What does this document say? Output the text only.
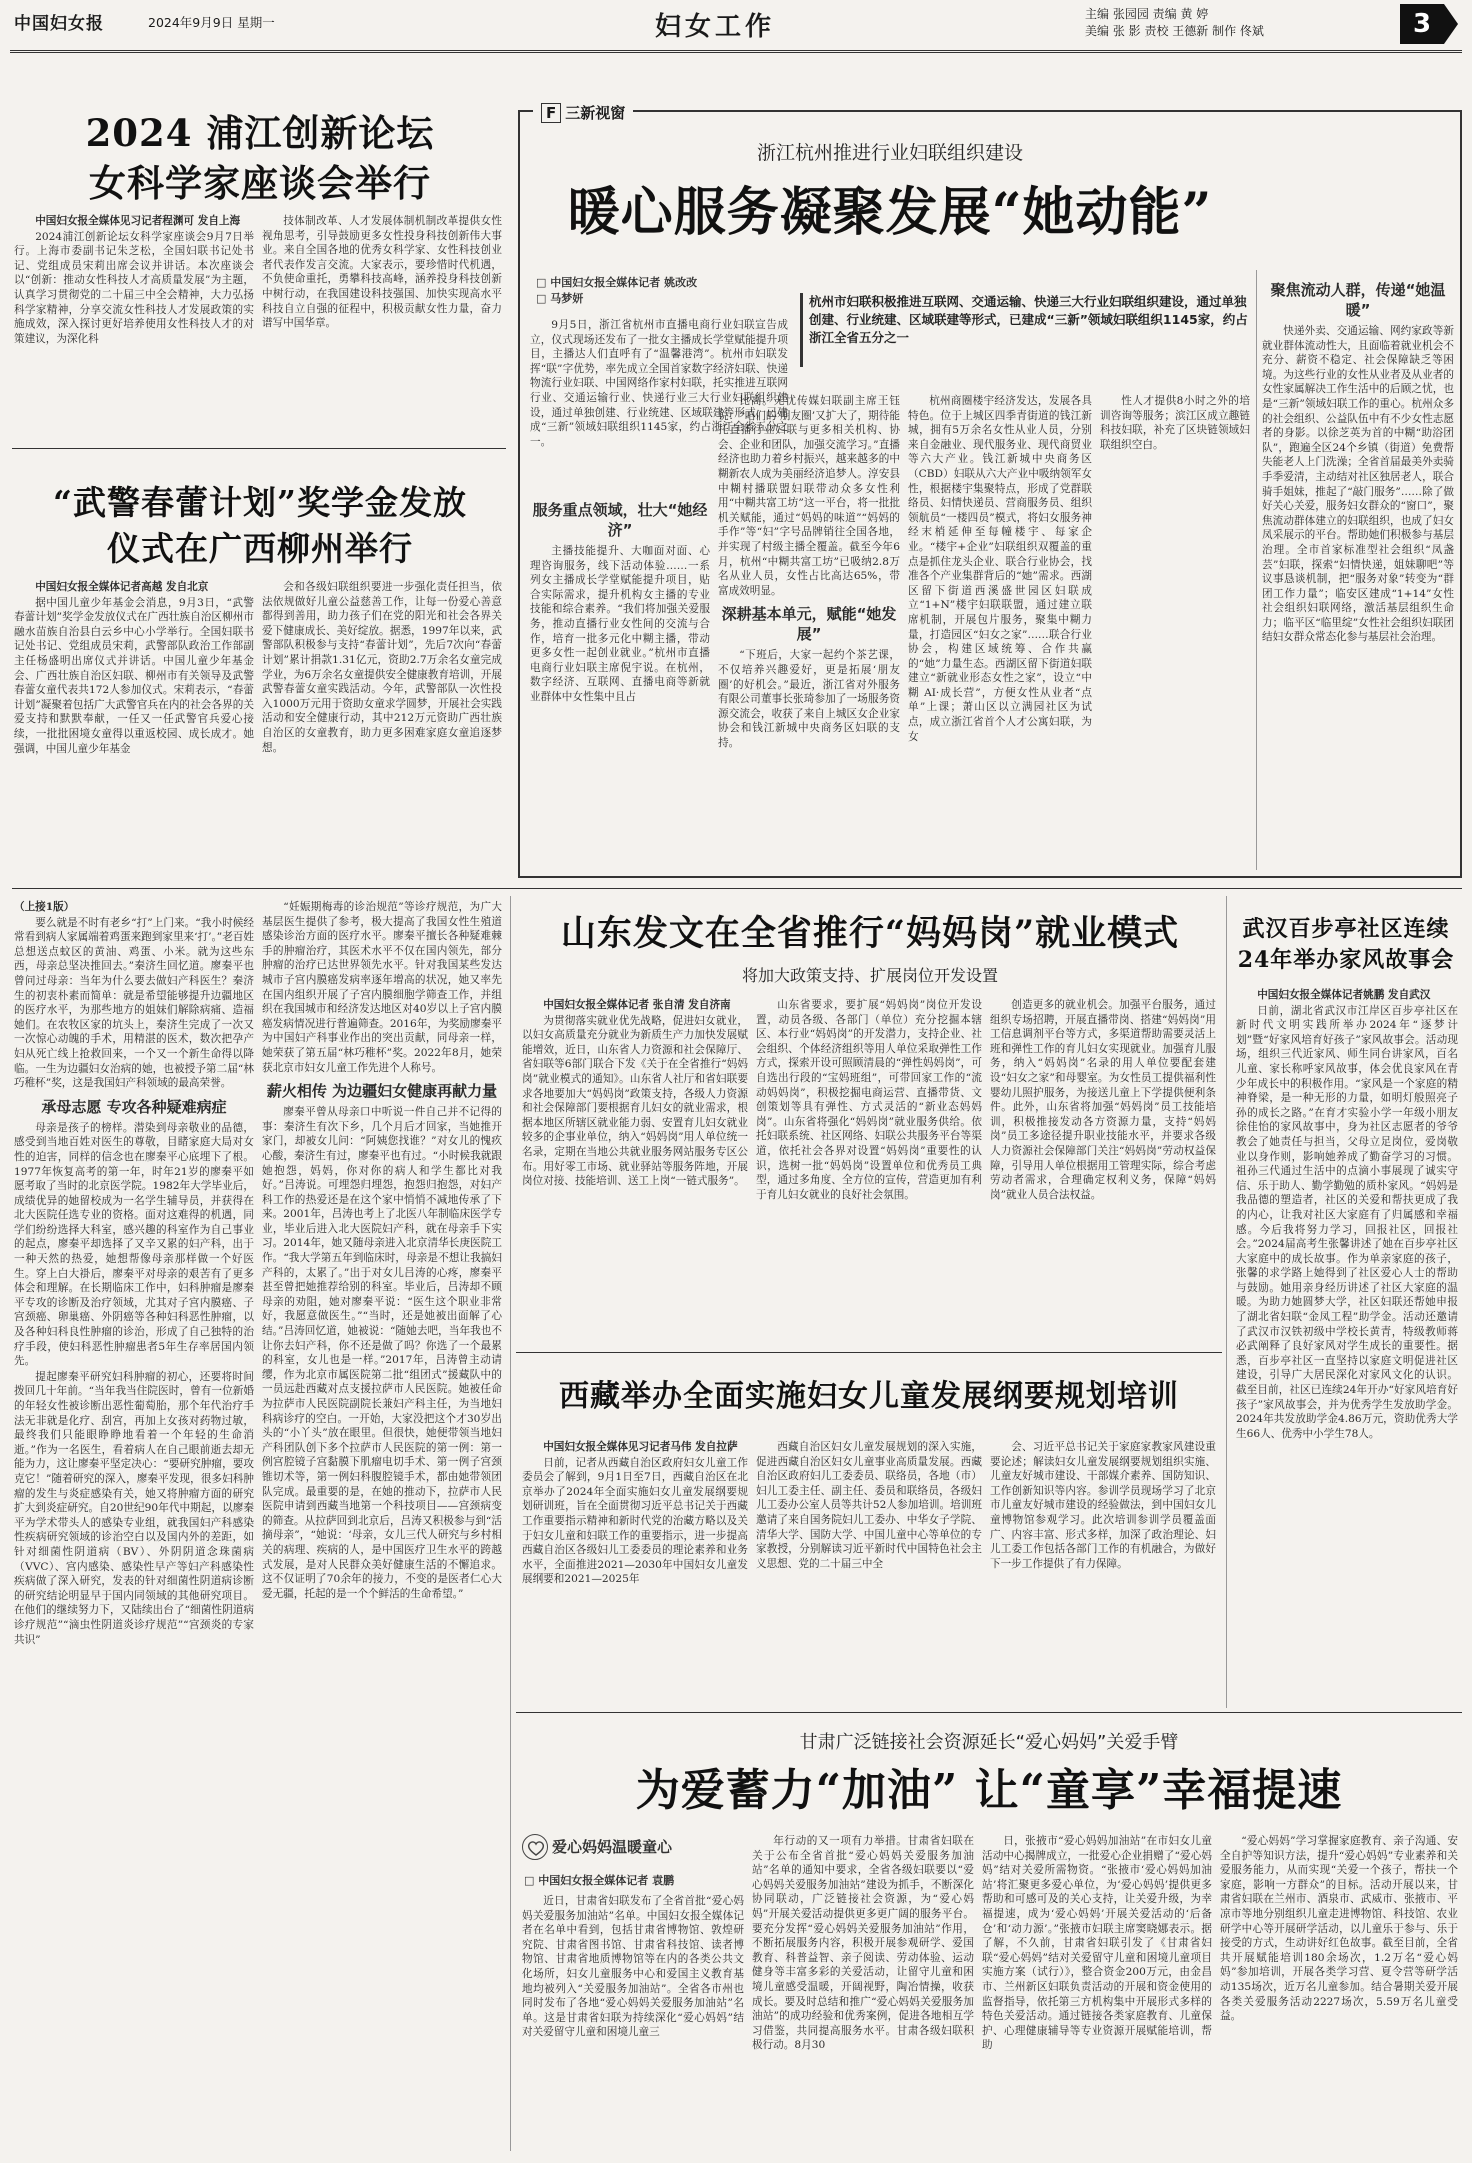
中国妇女报	2024年9月9日 星期一	妇女工作	主编 张园园 责编 黄 婷
美编 张 影 责校 王德新 制作 佟斌	3
2024 浦江创新论坛
女科学家座谈会举行

中国妇女报全媒体见习记者程渊可 发自上海

2024浦江创新论坛女科学家座谈会9月7日举行。上海市委副书记朱芝松，全国妇联书记处书记、党组成员宋莉出席会议并讲话。本次座谈会以“创新：推动女性科技人才高质量发展”为主题，认真学习贯彻党的二十届三中全会精神，大力弘扬科学家精神，分享交流女性科技人才发展政策的实施成效，深入探讨更好培养使用女性科技人才的对策建议，为深化科

技体制改革、人才发展体制机制改革提供女性视角思考，引导鼓励更多女性投身科技创新伟大事业。来自全国各地的优秀女科学家、女性科技创业者代表作发言交流。大家表示，要珍惜时代机遇，不负使命重托，勇攀科技高峰，涵养投身科技创新中树行动，在我国建设科技强国、加快实现高水平科技自立自强的征程中，积极贡献女性力量，奋力谱写中国华章。

“武警春蕾计划”奖学金发放
仪式在广西柳州举行

中国妇女报全媒体记者高越 发自北京

据中国儿童少年基金会消息，9月3日，“武警春蕾计划”奖学金发放仪式在广西壮族自治区柳州市融水苗族自治县白云乡中心小学举行。全国妇联书记处书记、党组成员宋莉，武警部队政治工作部副主任杨盛明出席仪式并讲话。中国儿童少年基金会、广西壮族自治区妇联、柳州市有关领导及武警春蕾女童代表共172人参加仪式。宋莉表示，“春蕾计划”凝聚着包括广大武警官兵在内的社会各界的关爱支持和默默奉献，一任又一任武警官兵爱心接续，一批批困境女童得以重返校园、成长成才。她强调，中国儿童少年基金

会和各级妇联组织要进一步强化责任担当，依法依规做好儿童公益慈善工作，让每一份爱心善意都得到善用，助力孩子们在党的阳光和社会各界关爱下健康成长、美好绽放。据悉，1997年以来，武警部队积极参与支持“春蕾计划”，先后7次向“春蕾计划”累计捐款1.31亿元，资助2.7万余名女童完成学业，为6万余名女童提供安全健康教育培训，开展武警春蕾女童实践活动。今年，武警部队一次性投入1000万元用于资助女童求学圆梦，开展社会实践活动和安全健康行动，其中212万元资助广西壮族自治区的女童教育，助力更多困难家庭女童追逐梦想。

F 三新视窗
浙江杭州推进行业妇联组织建设
暖心服务凝聚发展“她动能”
□ 中国妇女报全媒体记者 姚改改
□ 马梦妍	杭州市妇联积极推进互联网、交通运输、快递三大行业妇联组织建设，通过单独创建、行业统建、区域联建等形式，已建成“三新”领域妇联组织1145家，约占浙江全省五分之一

9月5日，浙江省杭州市直播电商行业妇联宣告成立，仪式现场还发布了一批女主播成长学堂赋能提升项目，主播达人们直呼有了“温馨港湾”。杭州市妇联发挥“联”字优势，率先成立全国首家数字经济妇联、快递物流行业妇联、中国网络作家村妇联，托实推进互联网行业、交通运输行业、快递行业三大行业妇联组织建设，通过单独创建、行业统建、区域联建等形式，已建成“三新”领域妇联组织1145家，约占浙江全省五分之一。

服务重点领域，壮大“她经济”

主播技能提升、大咖面对面、心理咨询服务，线下活动体验……一系列女主播成长学堂赋能提升项目，贴合实际需求，提升机构女主播的专业技能和综合素养。“我们将加强关爱服务，推动直播行业女性间的交流与合作，培育一批多元化中糊主播，带动更多女性一起创业就业。”杭州市直播电商行业妇联主席倪宇说。在杭州，数字经济、互联网、直播电商等新就业群体中女性集中且占

比高。无忧传媒妇联副主席王钰说：“咱们的‘朋友圈’又扩大了，期待能托直播行业妇联与更多相关机构、协会、企业和团队，加强交流学习。”直播经济也助力着乡村振兴，越来越多的中糊新农人成为美丽经济追梦人。淳安县中糊村播联盟妇联带动众多女性利用“中糊共富工坊”这一平台，将一批批机关赋能，通过“妈妈的味道”“妈妈的手作”等“妇”字号品牌销往全国各地，并实现了村级主播全覆盖。截至今年6月，杭州“中糊共富工坊”已吸纳2.8万名从业人员，女性占比高达65%，带富成效明显。

深耕基本单元，赋能“她发展”

“下班后，大家一起约个茶艺课，不仅培养兴趣爱好，更是拓展‘朋友圈’的好机会。”最近，浙江省对外服务有限公司董事长张琦参加了一场服务资源交流会，收获了来自上城区女企业家协会和钱江新城中央商务区妇联的支持。

杭州商圈楼宇经济发达，发展各具特色。位于上城区四季青街道的钱江新城，拥有5万余名女性从业人员，分别来自金融业、现代服务业、现代商贸业等六大产业。钱江新城中央商务区（CBD）妇联从六大产业中吸纳领军女性，根据楼宇集聚特点，形成了党群联络员、妇情快递员、营商服务员、组织领航员“一楼四员”模式，将妇女服务神经末梢延伸至每幢楼宇、每家企业。“楼宇+企业”妇联组织双覆盖的重点是抓住龙头企业、联合行业协会，找准各个产业集群背后的“她”需求。西湖区留下街道西溪盛世园区妇联成立“1+N”楼宇妇联联盟，通过建立联席机制，开展包片服务，聚集中糊力量，打造园区“妇女之家”……联合行业协会，构建区域统筹、合作共赢的“她”力量生态。西湖区留下街道妇联建立“新就业形态女性之家”，设立“中糊 AI·成长营”，方便女性从业者“点单”上课；萧山区以立满园社区为试点，成立浙江省首个人才公寓妇联，为女

性人才提供8小时之外的培训咨询等服务；滨江区成立趣链科技妇联，补充了区块链领域妇联组织空白。

聚焦流动人群，传递“她温暖”

快递外卖、交通运输、网约家政等新就业群体流动性大，且面临着就业机会不充分、薪资不稳定、社会保障缺乏等困境。为这些行业的女性从业者及从业者的女性家属解决工作生活中的后顾之忧，也是“三新”领域妇联工作的重心。杭州众多的社会组织、公益队伍中有不少女性志愿者的身影。以徐芝英为首的中糊“助浴团队”，跑遍全区24个乡镇（街道）免费帮失能老人上门洗澡；全省首届最美外卖骑手季爱清，主动结对社区独居老人，联合骑手姐妹，推起了“敲门服务”……除了做好关心关爱，服务妇女群众的“窗口”，聚焦流动群体建立的妇联组织，也成了妇女凤采展示的平台。帮助她们积极参与基层治理。全市首家标准型社会组织“凤盏芸”妇联，探索“妇情快递，姐妹聊吧”等议事恳谈机制，把“服务对象”转变为“群团工作力量”；临安区建成“1+14”女性社会组织妇联网络，激活基层组织生命力；临平区“临里绽”女性社会组织妇联团结妇女群众常态化参与基层社会治理。

（上接1版）

要么就是不时有老乡“打”上门来。“我小时候经常看到病人家属端着鸡蛋来跑到家里来‘打’。”老百姓总想送点蚊区的黄油、鸡蛋、小米。就为这些东西，母亲总坚决推回去。”秦济生回忆道。廖秦平也曾问过母亲：当年为什么要去做妇产科医生？秦济生的初衷朴素而简单：就是希望能够提升边疆地区的医疗水平，为那些地方的姐妹们解除病痛、造福她们。在农牧区家的坑头上，秦济生完成了一次又一次惊心动魄的手术，用精湛的医术，数次把孕产妇从死亡线上抢救回来，一个又一个新生命得以降临。一生为边疆妇女治病的她，也被授予第二届“林巧稚杯”奖，这是我国妇产科领域的最高荣誉。

承母志愿 专攻各种疑难病症

母亲是孩子的榜样。潜染到母亲敬业的品德，感受到当地百姓对医生的尊敬，目睹家庭大局对女性的迫害，同样的信念也在廖秦平心底埋下了根。1977年恢复高考的第一年，时年21岁的廖秦平如愿考取了当时的北京医学院。1982年大学毕业后，成绩优异的她留校成为一名学生辅导员，并获得在北大医院任选专业的资格。面对这难得的机遇，同学们纷纷选择大科室，感兴趣的科室作为自己事业的起点，廖秦平却选择了又辛又累的妇产科，出于一种天然的热爱，她想帮像母亲那样做一个好医生。穿上白大褂后，廖秦平对母亲的艰苦有了更多体会和理解。在长期临床工作中，妇科肿瘤是廖秦平专攻的诊断及治疗领域，尤其对子宫内膜癌、子宫颈癌、卵巢癌、外阴癌等各种妇科恶性肿瘤，以及各种妇科良性肿瘤的诊治，形成了自己独特的治疗手段，使妇科恶性肿瘤患者5年生存率居国内领先。

提起廖秦平研究妇科肿瘤的初心，还要将时间拨回几十年前。“当年我当住院医时，曾有一位新婚的年轻女性被诊断出恶性葡萄胎，那个年代治疗手法无非就是化疗、刮宫，再加上女孩对药物过敏，最终我们只能眼睁睁地看着一个年轻的生命消逝。”作为一名医生，看着病人在自己眼前逝去却无能为力，这让廖秦平坚定决心：“要研究肿瘤，要攻克它！”随着研究的深入，廖秦平发现，很多妇科肿瘤的发生与炎症感染有关，她又将肿瘤方面的研究扩大到炎症研究。自20世纪90年代中期起，以廖秦平为学术带头人的感染专业组，就我国妇产科感染性疾病研究领域的诊治空白以及国内外的差距，如针对细菌性阴道病（BV）、外阴阴道念珠菌病（VVC）、宫内感染、感染性早产等妇产科感染性疾病做了深入研究，发表的针对细菌性阴道病诊断的研究结论明显早于国内同领域的其他研究项目。在他们的继续努力下，又陆续出台了“细菌性阴道病诊疗规范”“滴虫性阴道炎诊疗规范”“宫颈炎的专家共识”

“妊娠期梅毒的诊治规范”等诊疗规范，为广大基层医生提供了参考，极大提高了我国女性生殖道感染诊治方面的医疗水平。廖秦平擅长各种疑难棘手的肿瘤治疗，其医术水平不仅在国内领先，部分肿瘤的治疗已达世界领先水平。针对我国某些发达城市子宫内膜癌发病率逐年增高的状况，她又率先在国内组织开展了子宫内膜细胞学筛查工作，并组织在我国城市和经济发达地区对40岁以上子宫内膜癌发病情况进行普遍筛查。2016年，为奖励廖秦平为中国妇产科事业作出的突出贡献，同母亲一样，她荣获了第五届“林巧稚杯”奖。2022年8月，她荣获北京市妇女儿童工作先进个人称号。

薪火相传 为边疆妇女健康再献力量

廖秦平曾从母亲口中听说一件自己并不记得的事：秦济生有次下乡，几个月后才回家，当她推开家门，却被女儿问：“阿姨您找谁？”对女儿的愧疚心酸，秦济生有过，廖秦平也有过。“小时候我就跟她抱怨，妈妈，你对你的病人和学生都比对我好。”吕涛说。可埋怨归埋怨，抱怨归抱怨，对妇产科工作的热爱还是在这个家中悄悄不减地传承了下来。2001年，吕涛也考上了北医八年制临床医学专业，毕业后进入北大医院妇产科，就在母亲手下实习。2014年，她又随母亲进入北京清华长庚医院工作。“我大学第五年到临床时，母亲是不想让我搞妇产科的，太累了。”出于对女儿吕涛的心疼，廖秦平甚至曾把她推荐给别的科室。毕业后，吕涛却不顾母亲的劝阻，她对廖秦平说：“医生这个职业非常好，我愿意做医生。”“当时，还是她被出面解了心结。”吕涛回忆道，她被说：“随她去吧，当年我也不让你去妇产科，你不还是做了吗？你选了一个最累的科室，女儿也是一样。”2017年，吕涛曾主动请缨，作为北京市属医院第二批“组团式”援藏队中的一员远赴西藏对点支援拉萨市人民医院。她被任命为拉萨市人民医院副院长兼妇产科主任，为当地妇科病诊疗的空白。一开始，大家没把这个才30岁出头的“小丫头”放在眼里。但很快，她便带领当地妇产科团队创下多个拉萨市人民医院的第一例：第一例宫腔镜子宫黏膜下肌瘤电切手术、第一例子宫颈锥切术等，第一例妇科腹腔镜手术，都由她带领团队完成。最重要的是，在她的推动下，拉萨市人民医院申请到西藏当地第一个科技项目——宫颈病变的筛查。从拉萨回到北京后，吕涛又积极参与到“活摘母亲”，“她说：‘母亲，女儿三代人研究与乡村相关的病理、疾病的人，是中国医疗卫生水平的跨越式发展，是对人民群众美好健康生活的不懈追求。这不仅证明了70余年的接力，不变的是医者仁心大爱无疆，托起的是一个个鲜活的生命希望。”

山东发文在全省推行“妈妈岗”就业模式
将加大政策支持、扩展岗位开发设置

中国妇女报全媒体记者 张自清 发自济南

为贯彻落实就业优先战略，促进妇女就业，以妇女高质量充分就业为新质生产力加快发展赋能增效，近日，山东省人力资源和社会保障厅、省妇联等6部门联合下发《关于在全省推行“妈妈岗”就业模式的通知》。山东省人社厅和省妇联要求各地要加大“妈妈岗”政策支持，各级人力资源和社会保障部门要根据育儿妇女的就业需求，根据本地区所辖区就业能力弱、安置育儿妇女就业较多的企事业单位，纳入“妈妈岗”用人单位统一名录，定期在当地公共就业服务网站服务专区公布。用好零工市场、就业驿站等服务阵地，开展岗位对接、技能培训、送工上岗“一链式服务”。

山东省要求，要扩展“妈妈岗”岗位开发设置，动员各级、各部门（单位）充分挖掘本辖区、本行业“妈妈岗”的开发潜力，支持企业、社会组织、个体经济组织等用人单位采取弹性工作方式，探索开设可照顾清晨的“弹性妈妈岗”，可自选出行段的“宝妈班组”，可带回家工作的“流动妈妈岗”，积极挖掘电商运营、直播带货、文创策划等具有弹性、方式灵活的“新业态妈妈岗”。山东省将强化“妈妈岗”就业服务供给。依托妇联系统、社区网络、妇联公共服务平台等渠道，依托社会各界对设置“妈妈岗”重要性的认识，选树一批“妈妈岗”设置单位和优秀员工典型，通过多角度、全方位的宣传，营造更加有利于育儿妇女就业的良好社会氛围。

创造更多的就业机会。加强平台服务，通过组织专场招聘，开展直播带岗、搭建“妈妈岗”用工信息调剂平台等方式，多渠道帮助需要灵活上班和弹性工作的育儿妇女实现就业。加强育儿服务，纳入“妈妈岗”名录的用人单位要配套建设“妇女之家”和母婴室。为女性员工提供福利性婴幼儿照护服务，为接送儿童上下学提供便利条件。此外，山东省将加强“妈妈岗”员工技能培训，积极推接发动各方资源力量，支持“妈妈岗”员工多途径提升职业技能水平，并要求各级人力资源社会保障部门关注“妈妈岗”劳动权益保障，引导用人单位根据用工管理实际，综合考虑劳动者需求，合理确定权利义务，保障“妈妈岗”就业人员合法权益。

武汉百步亭社区连续
24年举办家风故事会

中国妇女报全媒体记者姚鹏 发自武汉

日前，湖北省武汉市江岸区百步亭社区在新时代文明实践所举办2024年“逐梦计划”暨“好家风培育好孩子”家风故事会。活动现场，组织三代近家风、师生同台讲家风，百名儿童、家长称呼家风故事，体会优良家风在青少年成长中的积极作用。“家风是一个家庭的精神脊梁，是一种无形的力量，如明灯般照亮子孙的成长之路。”在育才实验小学一年级小朋友徐佳怡的家风故事中，身为社区志愿者的爷爷教会了她责任与担当，父母立足岗位，爱岗敬业以身作则，影响她养成了勤奋学习的习惯。祖孙三代通过生活中的点滴小事展现了诚实守信、乐于助人、勤学勤勉的质朴家风。“妈妈是我品德的塑造者，社区的关爱和帮扶更成了我的内心，让我对社区大家庭有了归属感和幸福感。今后我将努力学习，回报社区，回报社会。”2024届高考生张馨讲述了她在百步亭社区大家庭中的成长故事。作为单亲家庭的孩子，张馨的求学路上她得到了社区爱心人士的帮助与鼓励。她用亲身经历讲述了社区大家庭的温暖。为助力她圆梦大学，社区妇联还帮她申报了湖北省妇联“金凤工程”助学金。活动还邀请了武汉市汉铁初级中学校长黄青，特级教师蒋必武阐释了良好家风对学生成长的重要性。据悉，百步亭社区一直坚持以家庭文明促进社区建设，引导广大居民深化对家风文化的认识。截至目前，社区已连续24年开办“好家风培育好孩子”家风故事会，并为优秀学生发放助学金。2024年共发放助学金4.86万元，资助优秀大学生66人、优秀中小学生78人。

西藏举办全面实施妇女儿童发展纲要规划培训

中国妇女报全媒体见习记者马伟 发自拉萨

日前，记者从西藏自治区政府妇女儿童工作委员会了解到，9月1日至7日，西藏自治区在北京举办了2024年全面实施妇女儿童发展纲要规划研训班，旨在全面贯彻习近平总书记关于西藏工作重要指示精神和新时代党的治藏方略以及关于妇女儿童和妇联工作的重要指示，进一步提高西藏自治区各级妇儿工委委员的理论素养和业务水平，全面推进2021—2030年中国妇女儿童发展纲要和2021—2025年

西藏自治区妇女儿童发展规划的深入实施，促进西藏自治区妇女儿童事业高质量发展。西藏自治区政府妇儿工委委员、联络员，各地（市）妇儿工委主任、副主任、委员和联络员，各级妇儿工委办公室人员等共计52人参加培训。培训班邀请了来自国务院妇儿工委办、中华女子学院、清华大学、国防大学、中国儿童中心等单位的专家教授，分别解读习近平新时代中国特色社会主义思想、党的二十届三中全

会、习近平总书记关于家庭家教家风建设重要论述；解读妇女儿童发展纲要规划组织实施、儿童友好城市建设、干部媒介素养、国防知识、工作创新知识等内容。参训学员现场学习了北京市儿童友好城市建设的经验做法，到中国妇女儿童博物馆参观学习。此次培训参训学员覆盖面广、内容丰富、形式多样，加深了政治理论、妇儿工委工作包括各部门工作的有机融合，为做好下一步工作提供了有力保障。

甘肃广泛链接社会资源延长“爱心妈妈”关爱手臂
为爱蓄力“加油” 让“童享”幸福提速
爱心妈妈温暖童心
□ 中国妇女报全媒体记者 袁鹏

近日，甘肃省妇联发布了全省首批“爱心妈妈关爱服务加油站”名单。中国妇女报全媒体记者在名单中看到，包括甘肃省博物馆、敦煌研究院、甘肃省图书馆、甘肃省科技馆、读者博物馆、甘肃省地质博物馆等在内的各类公共文化场所，妇女儿童服务中心和爱国主义教育基地均被列入“关爱服务加油站”。全省各市州也同时发布了各地“爱心妈妈关爱服务加油站”名单。这是甘肃省妇联为持续深化“爱心妈妈”结对关爱留守儿童和困境儿童三

年行动的又一项有力举措。甘肃省妇联在关于公布全省首批“爱心妈妈关爱服务加油站”名单的通知中要求，全省各级妇联要以“爱心妈妈关爱服务加油站”建设为抓手，不断深化协同联动，广泛链接社会资源，为“爱心妈妈”开展关爱活动提供更多更广阔的服务平台。要充分发挥“爱心妈妈关爱服务加油站”作用，不断拓展服务内容，积极开展参观研学、爱国教育、科普益智、亲子阅读、劳动体验、运动健身等丰富多彩的关爱活动，让留守儿童和困境儿童感受温暖，开阔视野，陶冶情操，收获成长。要及时总结和推广“爱心妈妈关爱服务加油站”的成功经验和优秀案例，促进各地相互学习借鉴，共同提高服务水平。甘肃各级妇联积极行动。8月30

日，张掖市“爱心妈妈加油站”在市妇女儿童活动中心揭牌成立，一批爱心企业捐赠了“爱心妈妈”结对关爱所需物资。“张掖市‘爱心妈妈加油站’将汇聚更多爱心单位，为‘爱心妈妈’提供更多帮助和可感可及的关心支持，让关爱升级，为幸福提速，成为‘爱心妈妈’开展关爱活动的‘后备仓’和‘动力源’。”张掖市妇联主席窦晓娜表示。据了解，不久前，甘肃省妇联引发了《甘肃省妇联“爱心妈妈”结对关爱留守儿童和困境儿童项目实施方案（试行）》，整合资金200万元，由金昌市、兰州新区妇联负责活动的开展和资金使用的监督指导，依托第三方机构集中开展形式多样的特色关爱活动。通过链接各类家庭教育、儿童保护、心理健康辅导等专业资源开展赋能培训，帮助

“爱心妈妈”学习掌握家庭教育、亲子沟通、安全自护等知识方法，提升“爱心妈妈”专业素养和关爱服务能力，从而实现“关爱一个孩子，帮扶一个家庭，影响一方群众”的目标。活动开展以来，甘肃省妇联在兰州市、酒泉市、武威市、张掖市、平凉市等地分别组织儿童走进博物馆、科技馆、农业研学中心等开展研学活动，以儿童乐于参与、乐于接受的方式，生动讲好红色故事。截至目前，全省共开展赋能培训180余场次，1.2万名“爱心妈妈”参加培训，开展各类学习营、夏令营等研学活动135场次，近万名儿童参加。结合暑期关爱开展各类关爱服务活动2227场次，5.59万名儿童受益。
